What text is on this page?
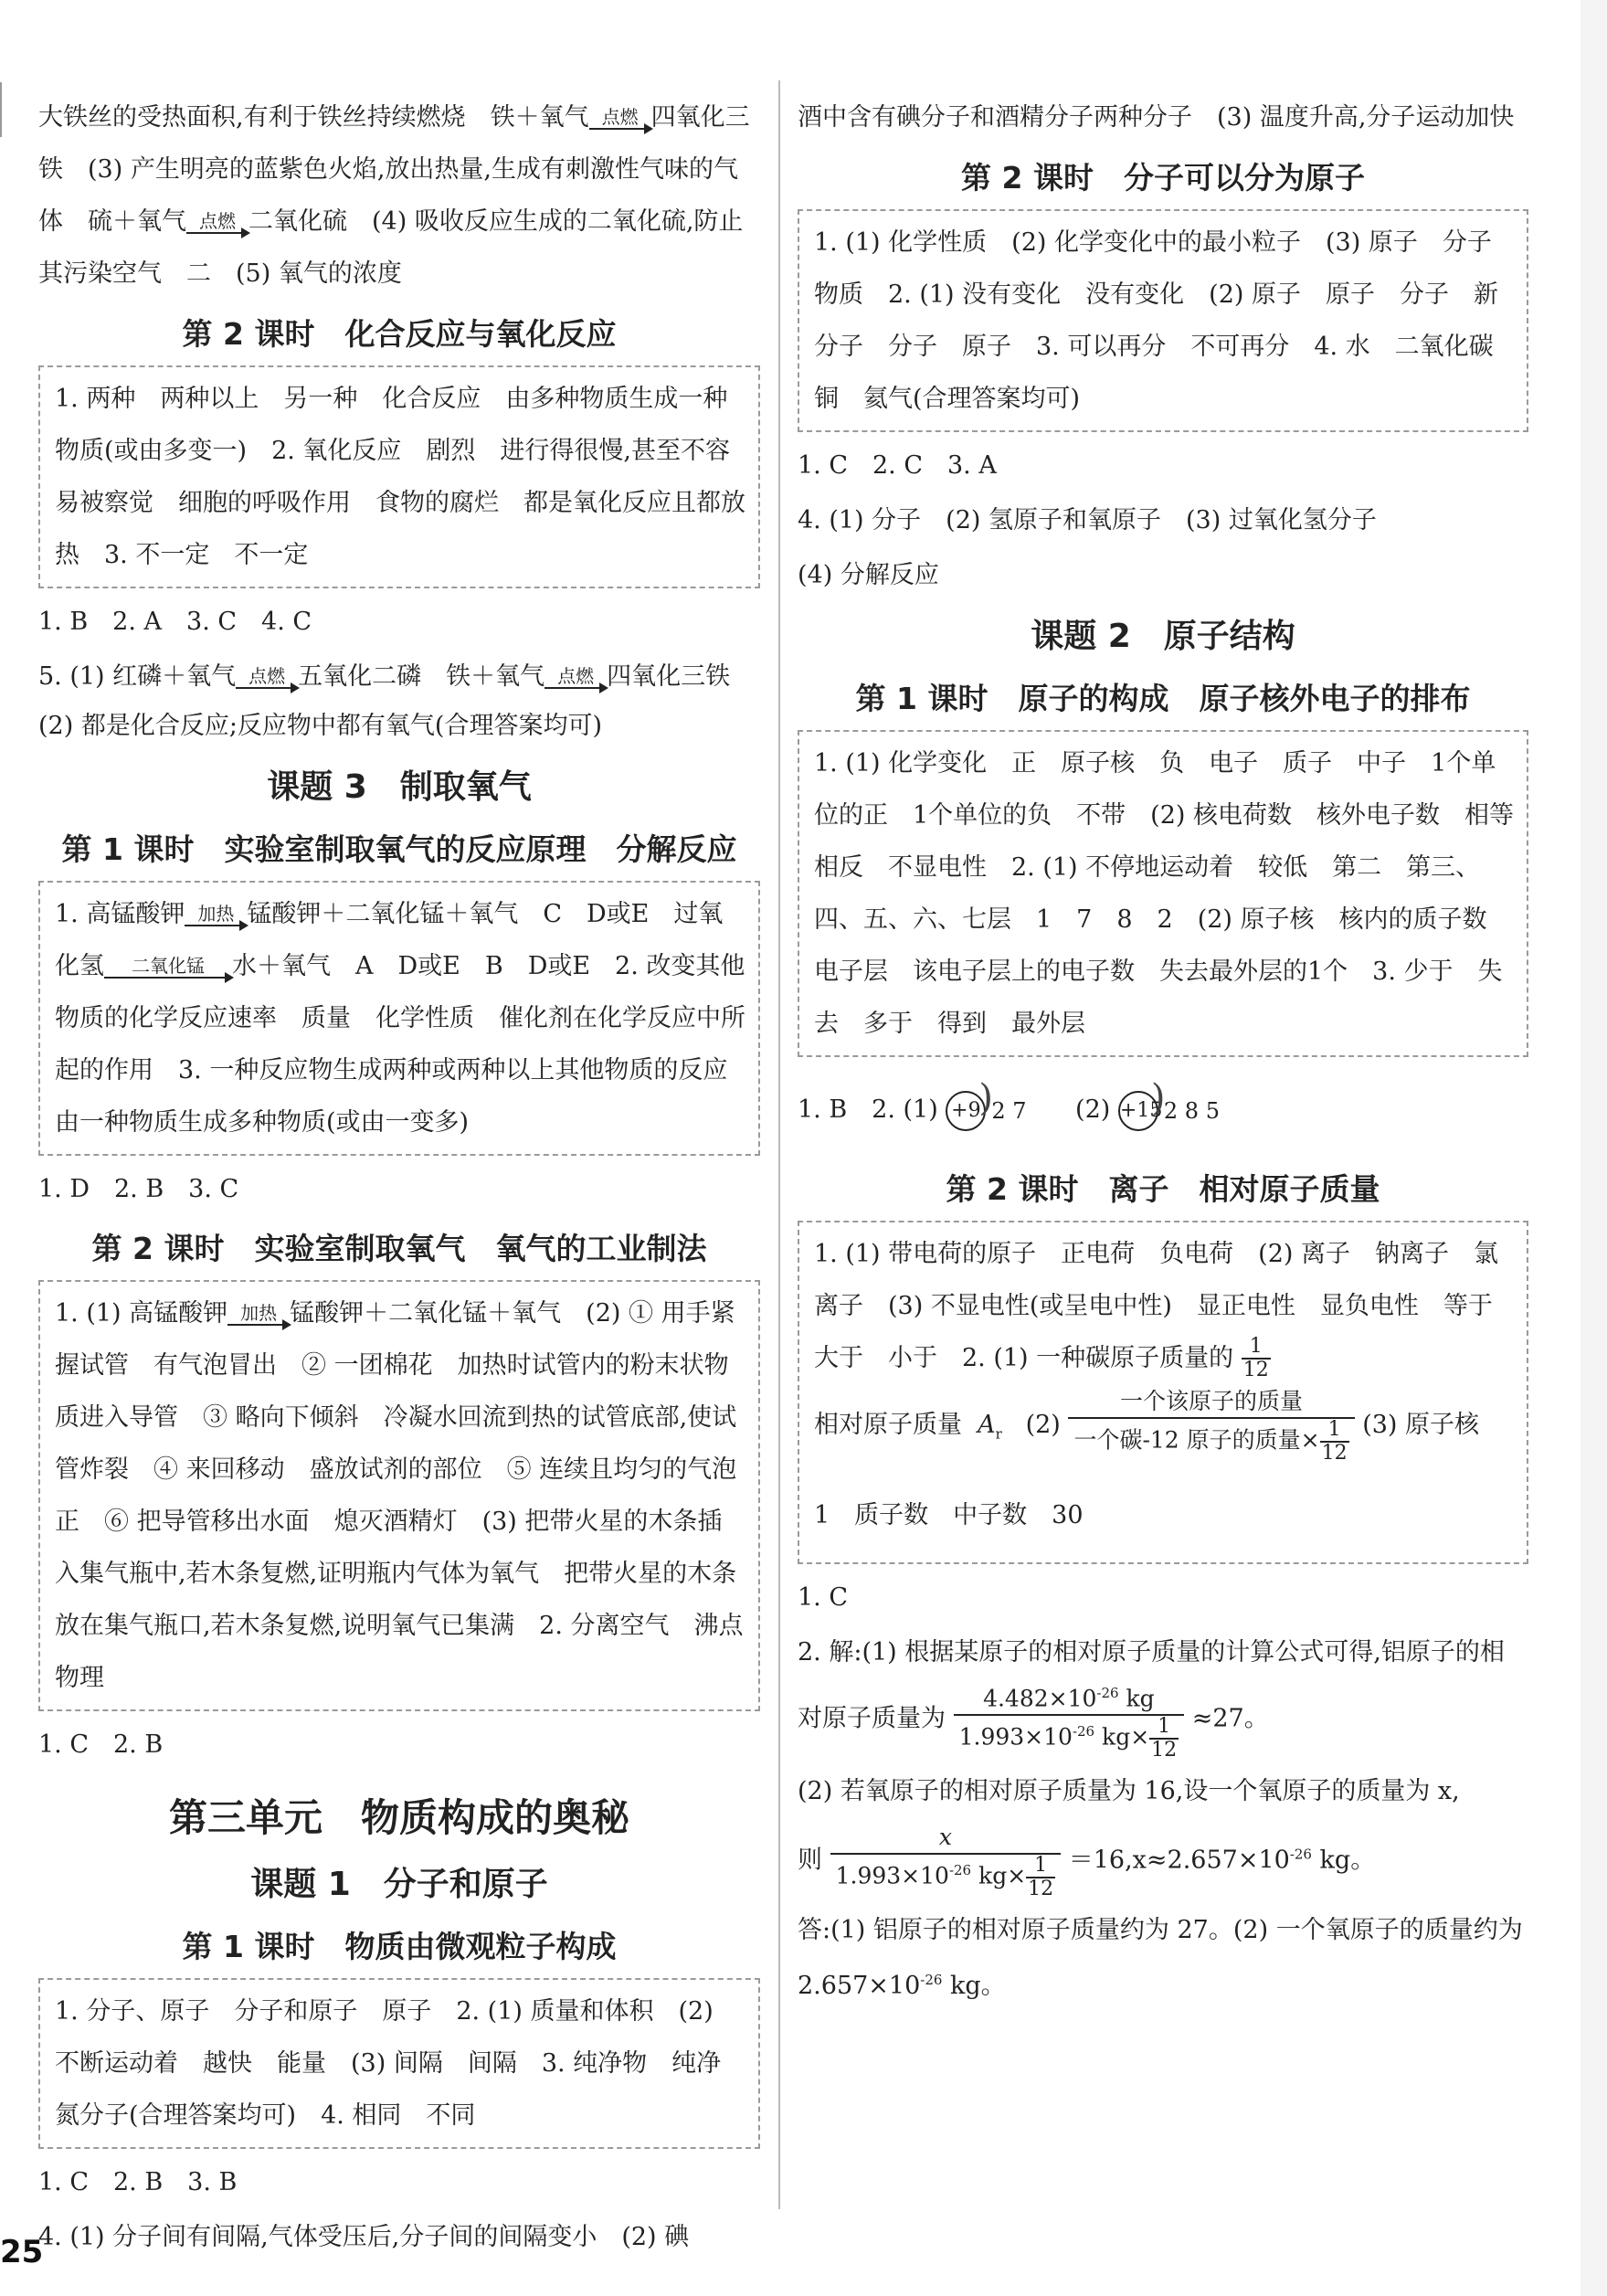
大铁丝的受热面积,有利于铁丝持续燃烧　铁＋氧气 点燃 四氧化三铁　(3) 产生明亮的蓝紫色火焰,放出热量,生成有刺激性气味的气体　硫＋氧气 点燃 二氧化硫　(4) 吸收反应生成的二氧化硫,防止其污染空气　二　(5) 氧气的浓度

第 2 课时　化合反应与氧化反应

1. 两种　两种以上　另一种　化合反应　由多种物质生成一种物质(或由多变一)　2. 氧化反应　剧烈　进行得很慢,甚至不容易被察觉　细胞的呼吸作用　食物的腐烂　都是氧化反应且都放热　3. 不一定　不一定

1. B　2. A　3. C　4. C

5. (1) 红磷＋氧气 点燃 五氧化二磷　铁＋氧气 点燃 四氧化三铁　(2) 都是化合反应;反应物中都有氧气(合理答案均可)

课题 3　制取氧气
第 1 课时　实验室制取氧气的反应原理　分解反应

1. 高锰酸钾 加热 锰酸钾＋二氧化锰＋氧气　C　D或E　过氧化氢	二氧化锰	水＋氧气　A　D或E　B　D或E　2. 改变其他物质的化学反应速率　质量　化学性质　催化剂在化学反应中所起的作用　3. 一种反应物生成两种或两种以上其他物质的反应　由一种物质生成多种物质(或由一变多)

1. D　2. B　3. C

第 2 课时　实验室制取氧气　氧气的工业制法

1. (1) 高锰酸钾 加热 锰酸钾＋二氧化锰＋氧气　(2) ① 用手紧握试管　有气泡冒出　② 一团棉花　加热时试管内的粉末状物质进入导管　③ 略向下倾斜　冷凝水回流到热的试管底部,使试管炸裂　④ 来回移动　盛放试剂的部位　⑤ 连续且均匀的气泡　正　⑥ 把导管移出水面　熄灭酒精灯　(3) 把带火星的木条插入集气瓶中,若木条复燃,证明瓶内气体为氧气　把带火星的木条放在集气瓶口,若木条复燃,说明氧气已集满　2. 分离空气　沸点　物理

1. C　2. B

第三单元　物质构成的奥秘
课题 1　分子和原子
第 1 课时　物质由微观粒子构成

1. 分子、原子　分子和原子　原子　2. (1) 质量和体积　(2) 不断运动着　越快　能量　(3) 间隔　间隔　3. 纯净物　纯净　氮分子(合理答案均可)　4. 相同　不同

1. C　2. B　3. B

4. (1) 分子间有间隔,气体受压后,分子间的间隔变小　(2) 碘

酒中含有碘分子和酒精分子两种分子　(3) 温度升高,分子运动加快

第 2 课时　分子可以分为原子

1. (1) 化学性质　(2) 化学变化中的最小粒子　(3) 原子　分子　物质　2. (1) 没有变化　没有变化　(2) 原子　原子　分子　新分子　分子　原子　3. 可以再分　不可再分　4. 水　二氧化碳　铜　氦气(合理答案均可)

1. C　2. C　3. A

4. (1) 分子　(2) 氢原子和氧原子　(3) 过氧化氢分子

(4) 分解反应

课题 2　原子结构
第 1 课时　原子的构成　原子核外电子的排布

1. (1) 化学变化　正　原子核　负　电子　质子　中子　1个单位的正　1个单位的负　不带　(2) 核电荷数　核外电子数　相等　相反　不显电性　2. (1) 不停地运动着　较低　第二　第三、四、五、六、七层　1　7　8　2　(2) 原子核　核内的质子数　电子层　该电子层上的电子数　失去最外层的1个　3. 少于　失去　多于　得到　最外层

1. B　2. (1) +9 ) 2 7 (2) +15 ) 2 8 5

第 2 课时　离子　相对原子质量

1. (1) 带电荷的原子　正电荷　负电荷　(2) 离子　钠离子　氯离子　(3) 不显电性(或呈电中性)　显正电性　显负电性　等于　大于　小于　2. (1) 一种碳原子质量的 $\frac{1}{12}$

相对原子质量 $A_r$ $(2) \frac{\text{一个该原子的质量}}{一个碳-12 原子的质量\times \frac{1}{12}} (3)$ 原子核　1　质子数　中子数　30

1. C

2. 解:(1) 根据某原子的相对原子质量的计算公式可得,铝原子的相对原子质量为 $\frac{4.482\times 10^{-26} kg}{1.993\times 10^{-26} kg\times \frac{1}{12}} \approx 27$。

(2) 若氧原子的相对原子质量为 16,设一个氧原子的质量为 x,

则 $\frac{x}{1.993\times 10^{-26} kg\times \frac{1}{12}} =16,x\approx 2.657\times 10^{-26}$ kg。

答:(1) 铝原子的相对原子质量约为 27。(2) 一个氧原子的质量约为 $2.657\times 10^{-26}$ kg。

25
